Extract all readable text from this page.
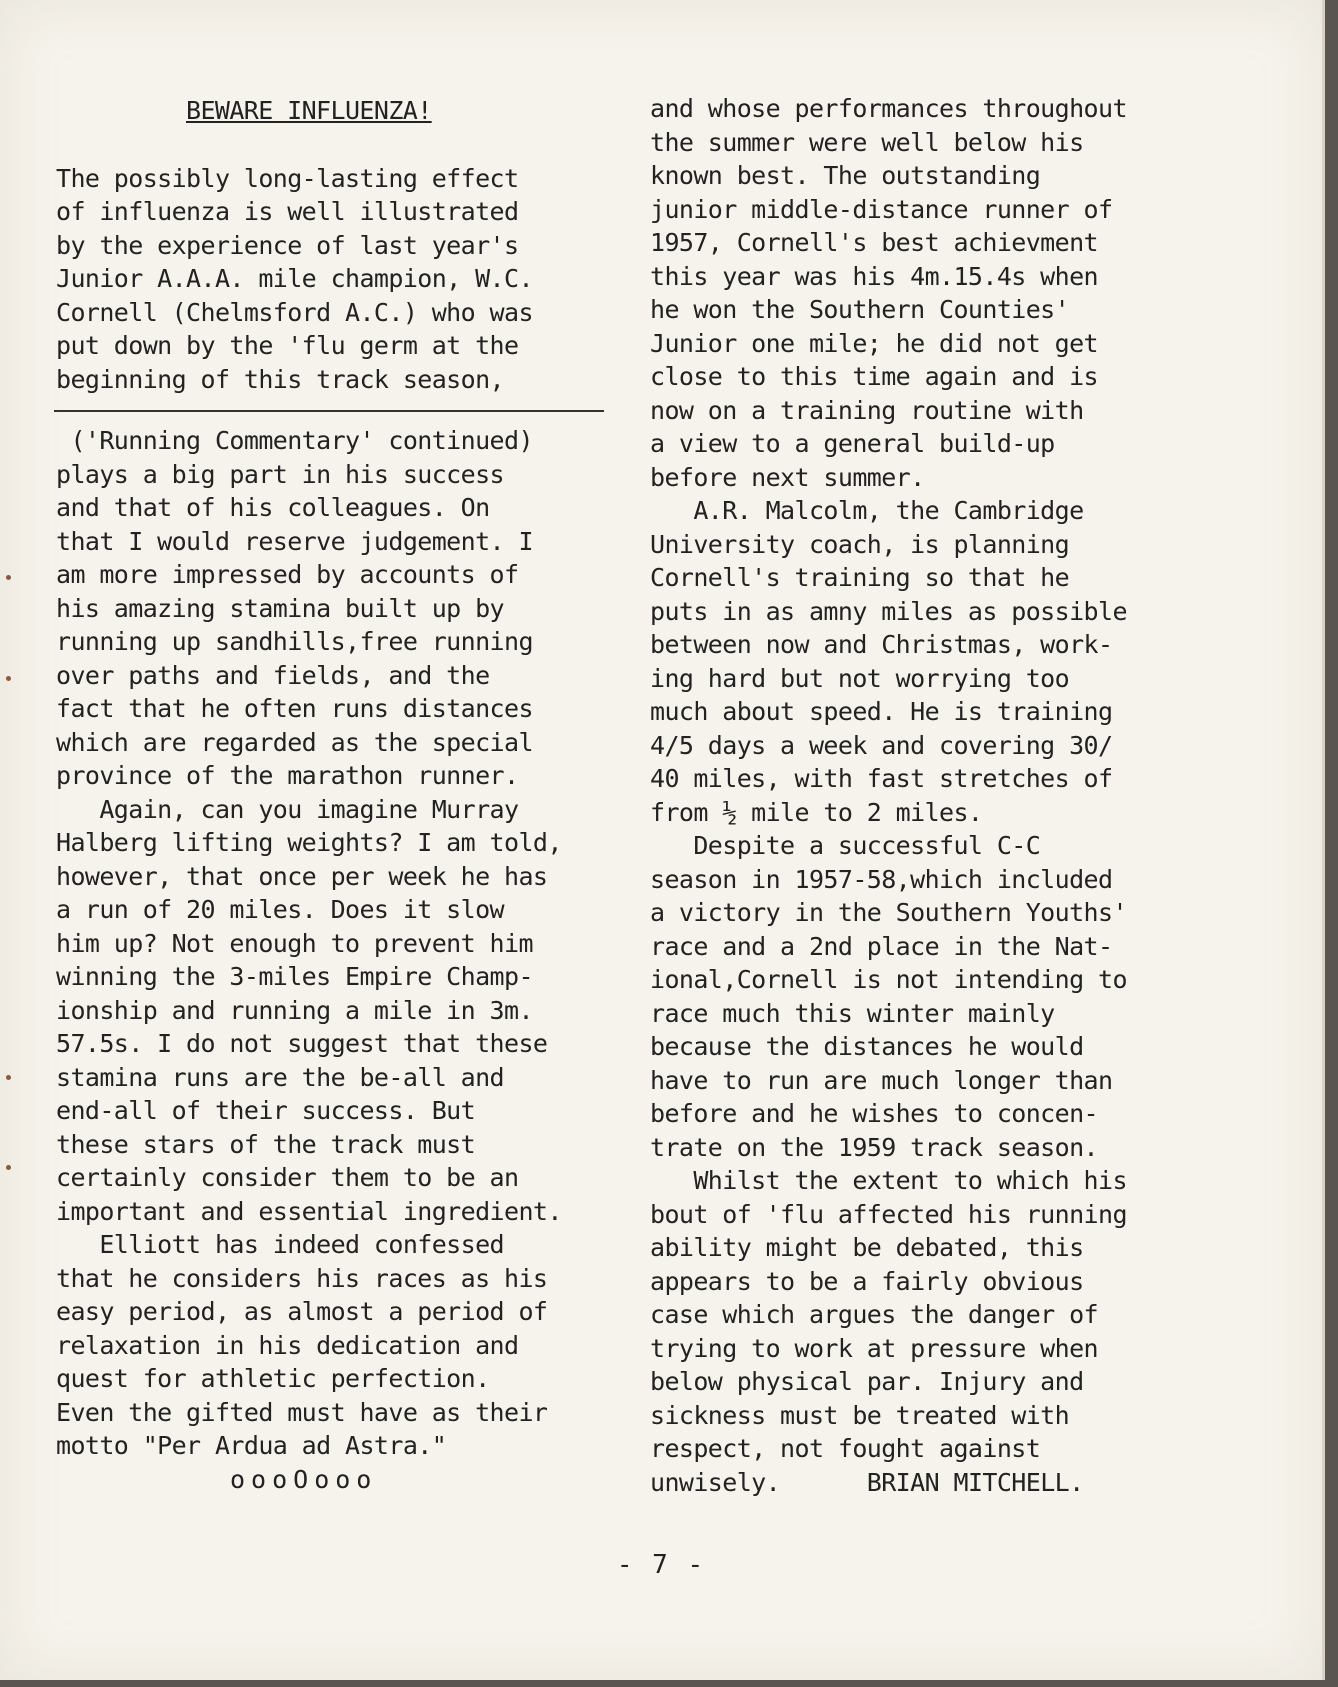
BEWARE INFLUENZA!

The possibly long-lasting effect

of influenza is well illustrated

by the experience of last year's

Junior A.A.A. mile champion, W.C.

Cornell (Chelmsford A.C.) who was

put down by the 'flu germ at the

beginning of this track season,

('Running Commentary' continued)

plays a big part in his success

and that of his colleagues. On

that I would reserve judgement. I

am more impressed by accounts of

his amazing stamina built up by

running up sandhills,free running

over paths and fields, and the

fact that he often runs distances

which are regarded as the special

province of the marathon runner.

Again, can you imagine Murray

Halberg lifting weights? I am told,

however, that once per week he has

a run of 20 miles. Does it slow

him up? Not enough to prevent him

winning the 3-miles Empire Champ-

ionship and running a mile in 3m.

57.5s. I do not suggest that these

stamina runs are the be-all and

end-all of their success. But

these stars of the track must

certainly consider them to be an

important and essential ingredient.

Elliott has indeed confessed

that he considers his races as his

easy period, as almost a period of

relaxation in his dedication and

quest for athletic perfection.

Even the gifted must have as their

motto "Per Ardua ad Astra."

oooOooo

and whose performances throughout

the summer were well below his

known best. The outstanding

junior middle-distance runner of

1957, Cornell's best achievment

this year was his 4m.15.4s when

he won the Southern Counties'

Junior one mile; he did not get

close to this time again and is

now on a training routine with

a view to a general build-up

before next summer.

A.R. Malcolm, the Cambridge

University coach, is planning

Cornell's training so that he

puts in as amny miles as possible

between now and Christmas, work-

ing hard but not worrying too

much about speed. He is training

4/5 days a week and covering 30/

40 miles, with fast stretches of

from ½ mile to 2 miles.

Despite a successful C-C

season in 1957-58,which included

a victory in the Southern Youths'

race and a 2nd place in the Nat-

ional,Cornell is not intending to

race much this winter mainly

because the distances he would

have to run are much longer than

before and he wishes to concen-

trate on the 1959 track season.

Whilst the extent to which his

bout of 'flu affected his running

ability might be debated, this

appears to be a fairly obvious

case which argues the danger of

trying to work at pressure when

below physical par. Injury and

sickness must be treated with

respect, not fought against

unwisely.	BRIAN MITCHELL.

- 7 -
